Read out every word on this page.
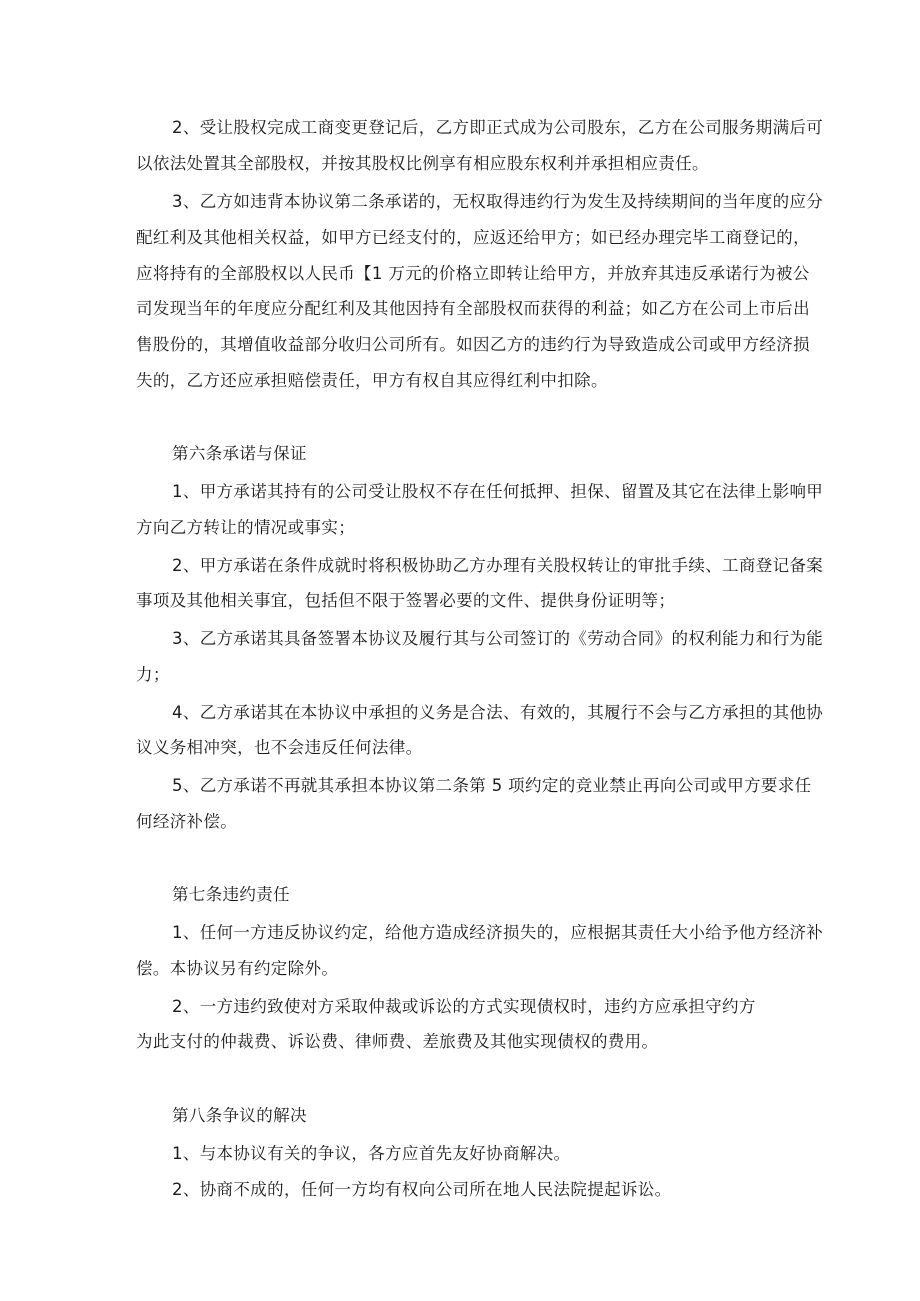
2、受让股权完成工商变更登记后，乙方即正式成为公司股东，乙方在公司服务期满后可
以依法处置其全部股权，并按其股权比例享有相应股东权利并承担相应责任。
3、乙方如违背本协议第二条承诺的，无权取得违约行为发生及持续期间的当年度的应分
配红利及其他相关权益，如甲方已经支付的，应返还给甲方；如已经办理完毕工商登记的，
应将持有的全部股权以人民币【1 万元的价格立即转让给甲方，并放弃其违反承诺行为被公
司发现当年的年度应分配红利及其他因持有全部股权而获得的利益；如乙方在公司上市后出
售股份的，其增值收益部分收归公司所有。如因乙方的违约行为导致造成公司或甲方经济损
失的，乙方还应承担赔偿责任，甲方有权自其应得红利中扣除。
第六条承诺与保证
1、甲方承诺其持有的公司受让股权不存在任何抵押、担保、留置及其它在法律上影响甲
方向乙方转让的情况或事实；
2、甲方承诺在条件成就时将积极协助乙方办理有关股权转让的审批手续、工商登记备案
事项及其他相关事宜，包括但不限于签署必要的文件、提供身份证明等；
3、乙方承诺其具备签署本协议及履行其与公司签订的《劳动合同》的权利能力和行为能
力；
4、乙方承诺其在本协议中承担的义务是合法、有效的，其履行不会与乙方承担的其他协
议义务相冲突，也不会违反任何法律。
5、乙方承诺不再就其承担本协议第二条第 5 项约定的竞业禁止再向公司或甲方要求任
何经济补偿。
第七条违约责任
1、任何一方违反协议约定，给他方造成经济损失的，应根据其责任大小给予他方经济补
偿。本协议另有约定除外。
2、一方违约致使对方采取仲裁或诉讼的方式实现债权时，违约方应承担守约方
为此支付的仲裁费、诉讼费、律师费、差旅费及其他实现债权的费用。
第八条争议的解决
1、与本协议有关的争议，各方应首先友好协商解决。
2、协商不成的，任何一方均有权向公司所在地人民法院提起诉讼。
